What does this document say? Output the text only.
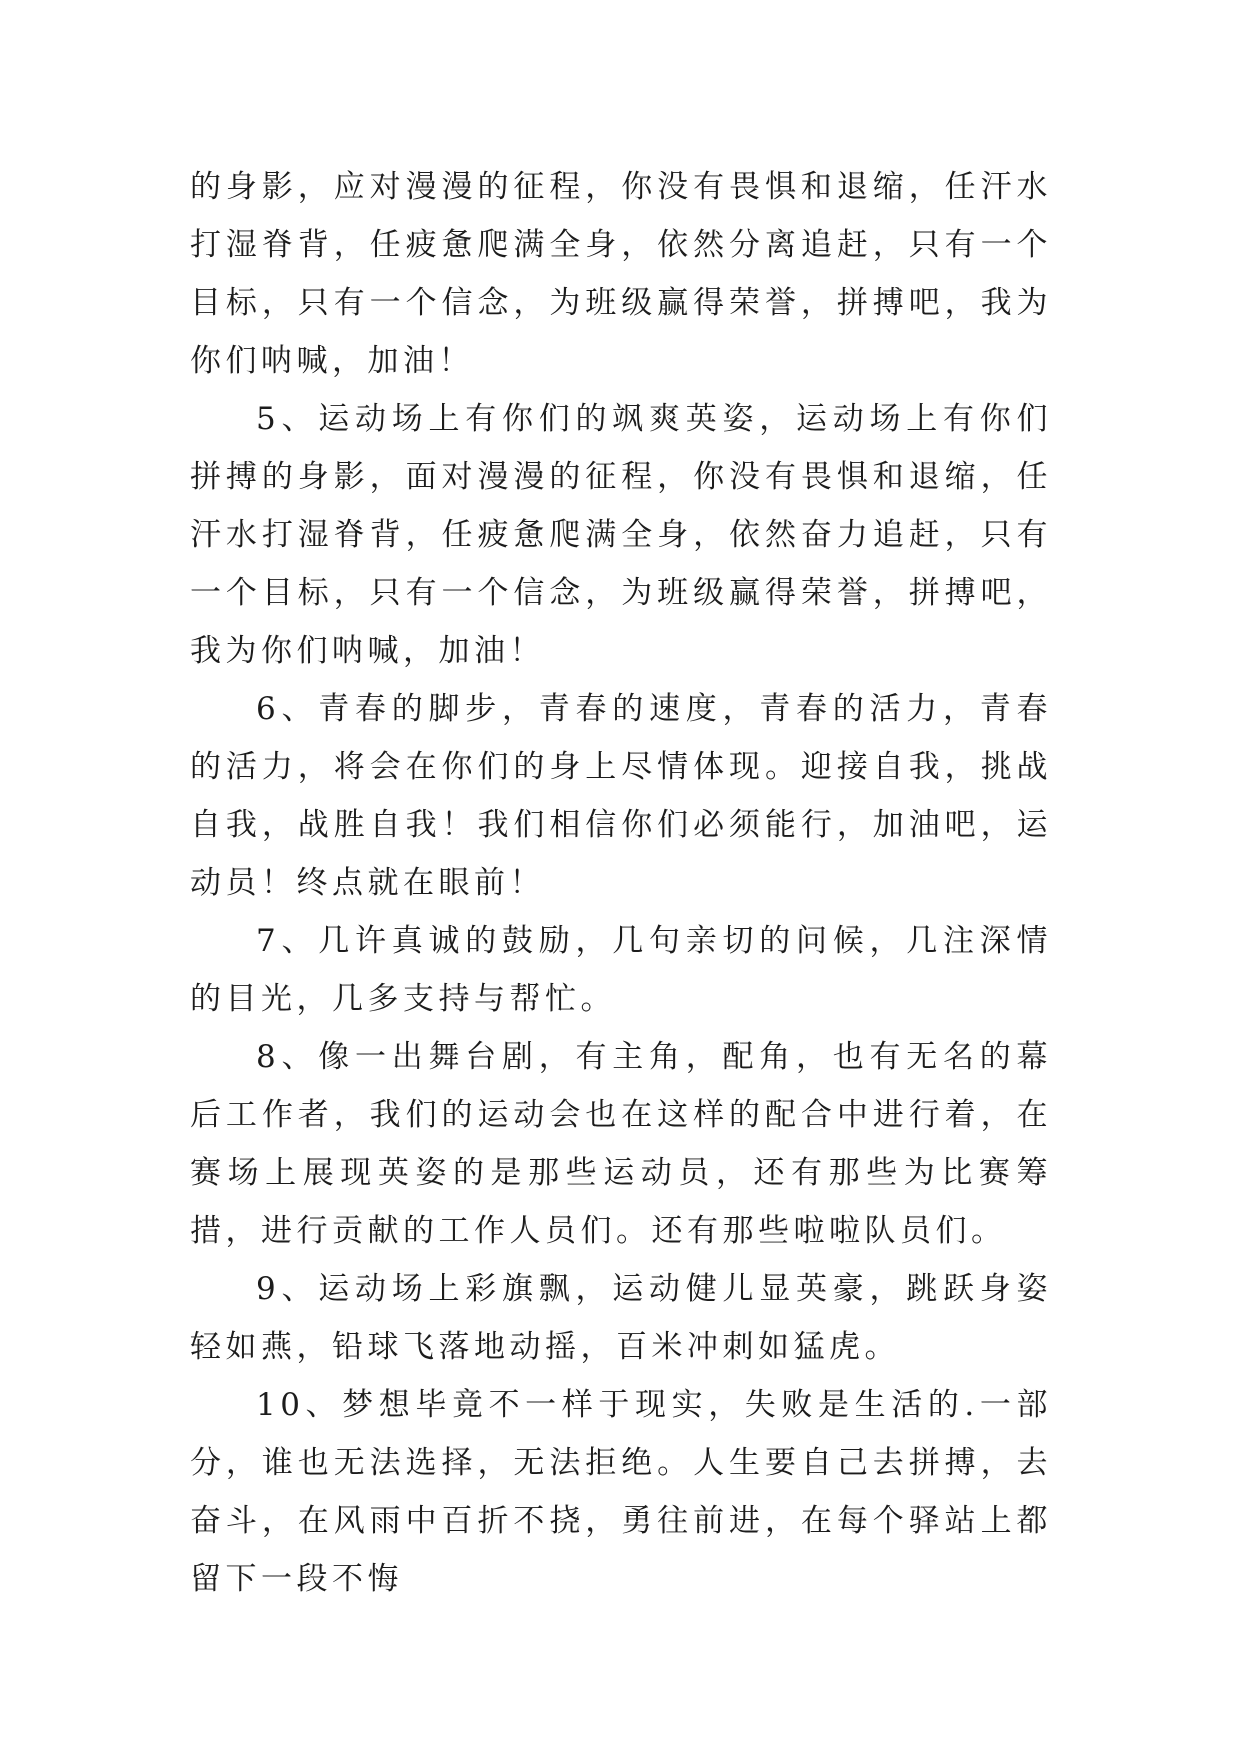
的身影，应对漫漫的征程，你没有畏惧和退缩，任汗水打湿脊背，任疲惫爬满全身，依然分离追赶，只有一个目标，只有一个信念，为班级赢得荣誉，拼搏吧，我为你们呐喊，加油！

5、运动场上有你们的飒爽英姿，运动场上有你们拼搏的身影，面对漫漫的征程，你没有畏惧和退缩，任汗水打湿脊背，任疲惫爬满全身，依然奋力追赶，只有一个目标，只有一个信念，为班级赢得荣誉，拼搏吧，我为你们呐喊，加油！

6、青春的脚步，青春的速度，青春的活力，青春的活力，将会在你们的身上尽情体现。迎接自我，挑战自我，战胜自我！我们相信你们必须能行，加油吧，运动员！终点就在眼前！

7、几许真诚的鼓励，几句亲切的问候，几注深情的目光，几多支持与帮忙。

8、像一出舞台剧，有主角，配角，也有无名的幕后工作者，我们的运动会也在这样的配合中进行着，在赛场上展现英姿的是那些运动员，还有那些为比赛筹措，进行贡献的工作人员们。还有那些啦啦队员们。

9、运动场上彩旗飘，运动健儿显英豪，跳跃身姿轻如燕，铅球飞落地动摇，百米冲刺如猛虎。

10、梦想毕竟不一样于现实，失败是生活的.一部分，谁也无法选择，无法拒绝。人生要自己去拼搏，去奋斗，在风雨中百折不挠，勇往前进，在每个驿站上都留下一段不悔
